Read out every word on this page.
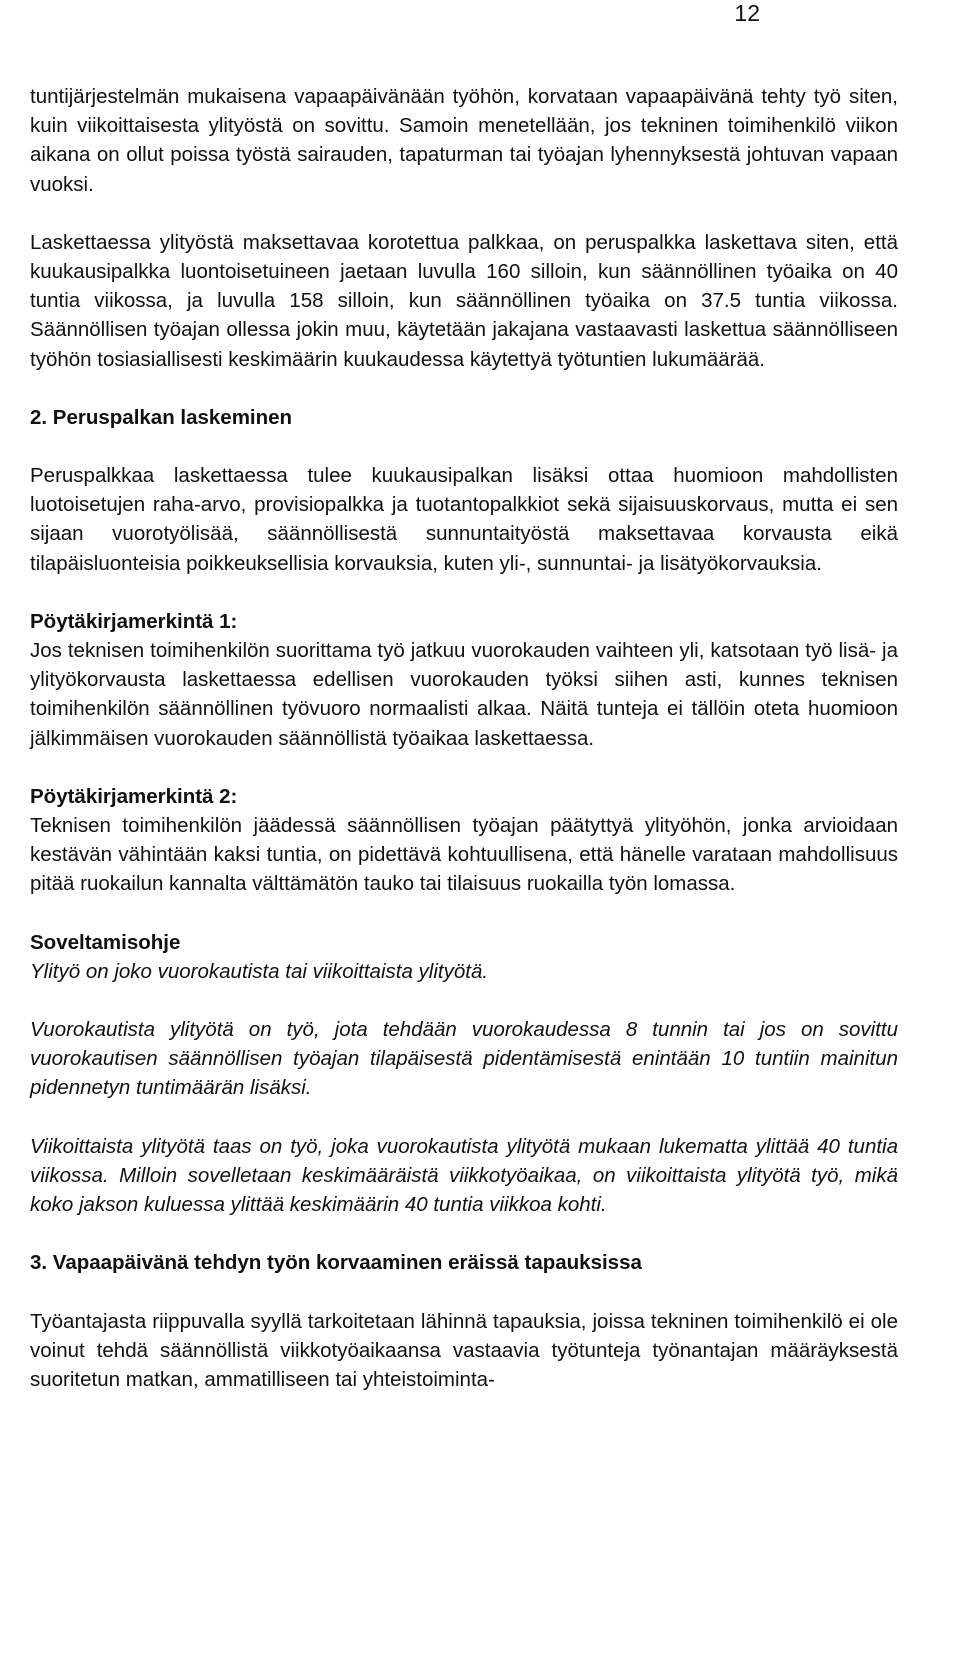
12

tuntijärjestelmän mukaisena vapaapäivänään työhön, korvataan vapaapäivänä tehty työ siten, kuin viikoittaisesta ylityöstä on sovittu. Samoin menetellään, jos tekninen toimihenkilö viikon aikana on ollut poissa työstä sairauden, tapaturman tai työajan lyhennyksestä johtuvan vapaan vuoksi.

Laskettaessa ylityöstä maksettavaa korotettua palkkaa, on peruspalkka laskettava siten, että kuukausipalkka luontoisetuineen jaetaan luvulla 160 silloin, kun säännöllinen työaika on 40 tuntia viikossa, ja luvulla 158 silloin, kun säännöllinen työaika on 37.5 tuntia viikossa. Säännöllisen työajan ollessa jokin muu, käytetään jakajana vastaavasti laskettua säännölliseen työhön tosiasiallisesti keskimäärin kuukaudessa käytettyä työtuntien lukumäärää.

2. Peruspalkan laskeminen

Peruspalkkaa laskettaessa tulee kuukausipalkan lisäksi ottaa huomioon mahdollisten luotoisetujen raha-arvo, provisiopalkka ja tuotantopalkkiot sekä sijaisuuskorvaus, mutta ei sen sijaan vuorotyölisää, säännöllisestä sunnuntaityöstä maksettavaa korvausta eikä tilapäisluonteisia poikkeuksellisia korvauksia, kuten yli-, sunnuntai- ja lisätyökorvauksia.

Pöytäkirjamerkintä 1:

Jos teknisen toimihenkilön suorittama työ jatkuu vuorokauden vaihteen yli, katsotaan työ lisä- ja ylityökorvausta laskettaessa edellisen vuorokauden työksi siihen asti, kunnes teknisen toimihenkilön säännöllinen työvuoro normaalisti alkaa. Näitä tunteja ei tällöin oteta huomioon jälkimmäisen vuorokauden säännöllistä työaikaa laskettaessa.

Pöytäkirjamerkintä 2:

Teknisen toimihenkilön jäädessä säännöllisen työajan päätyttyä ylityöhön, jonka arvioidaan kestävän vähintään kaksi tuntia, on pidettävä kohtuullisena, että hänelle varataan mahdollisuus pitää ruokailun kannalta välttämätön tauko tai tilaisuus ruokailla työn lomassa.

Soveltamisohje

Ylityö on joko vuorokautista tai viikoittaista ylityötä.

Vuorokautista ylityötä on työ, jota tehdään vuorokaudessa 8 tunnin tai jos on sovittu vuorokautisen säännöllisen työajan tilapäisestä pidentämisestä enintään 10 tuntiin mainitun pidennetyn tuntimäärän lisäksi.

Viikoittaista ylityötä taas on työ, joka vuorokautista ylityötä mukaan lukematta ylittää 40 tuntia viikossa. Milloin sovelletaan keskimääräistä viikkotyöaikaa, on viikoittaista ylityötä työ, mikä koko jakson kuluessa ylittää keskimäärin 40 tuntia viikkoa kohti.

3. Vapaapäivänä tehdyn työn korvaaminen eräissä tapauksissa

Työantajasta riippuvalla syyllä tarkoitetaan lähinnä tapauksia, joissa tekninen toimihenkilö ei ole voinut tehdä säännöllistä viikkotyöaikaansa vastaavia työtunteja työnantajan määräyksestä suoritetun matkan, ammatilliseen tai yhteistoiminta-
